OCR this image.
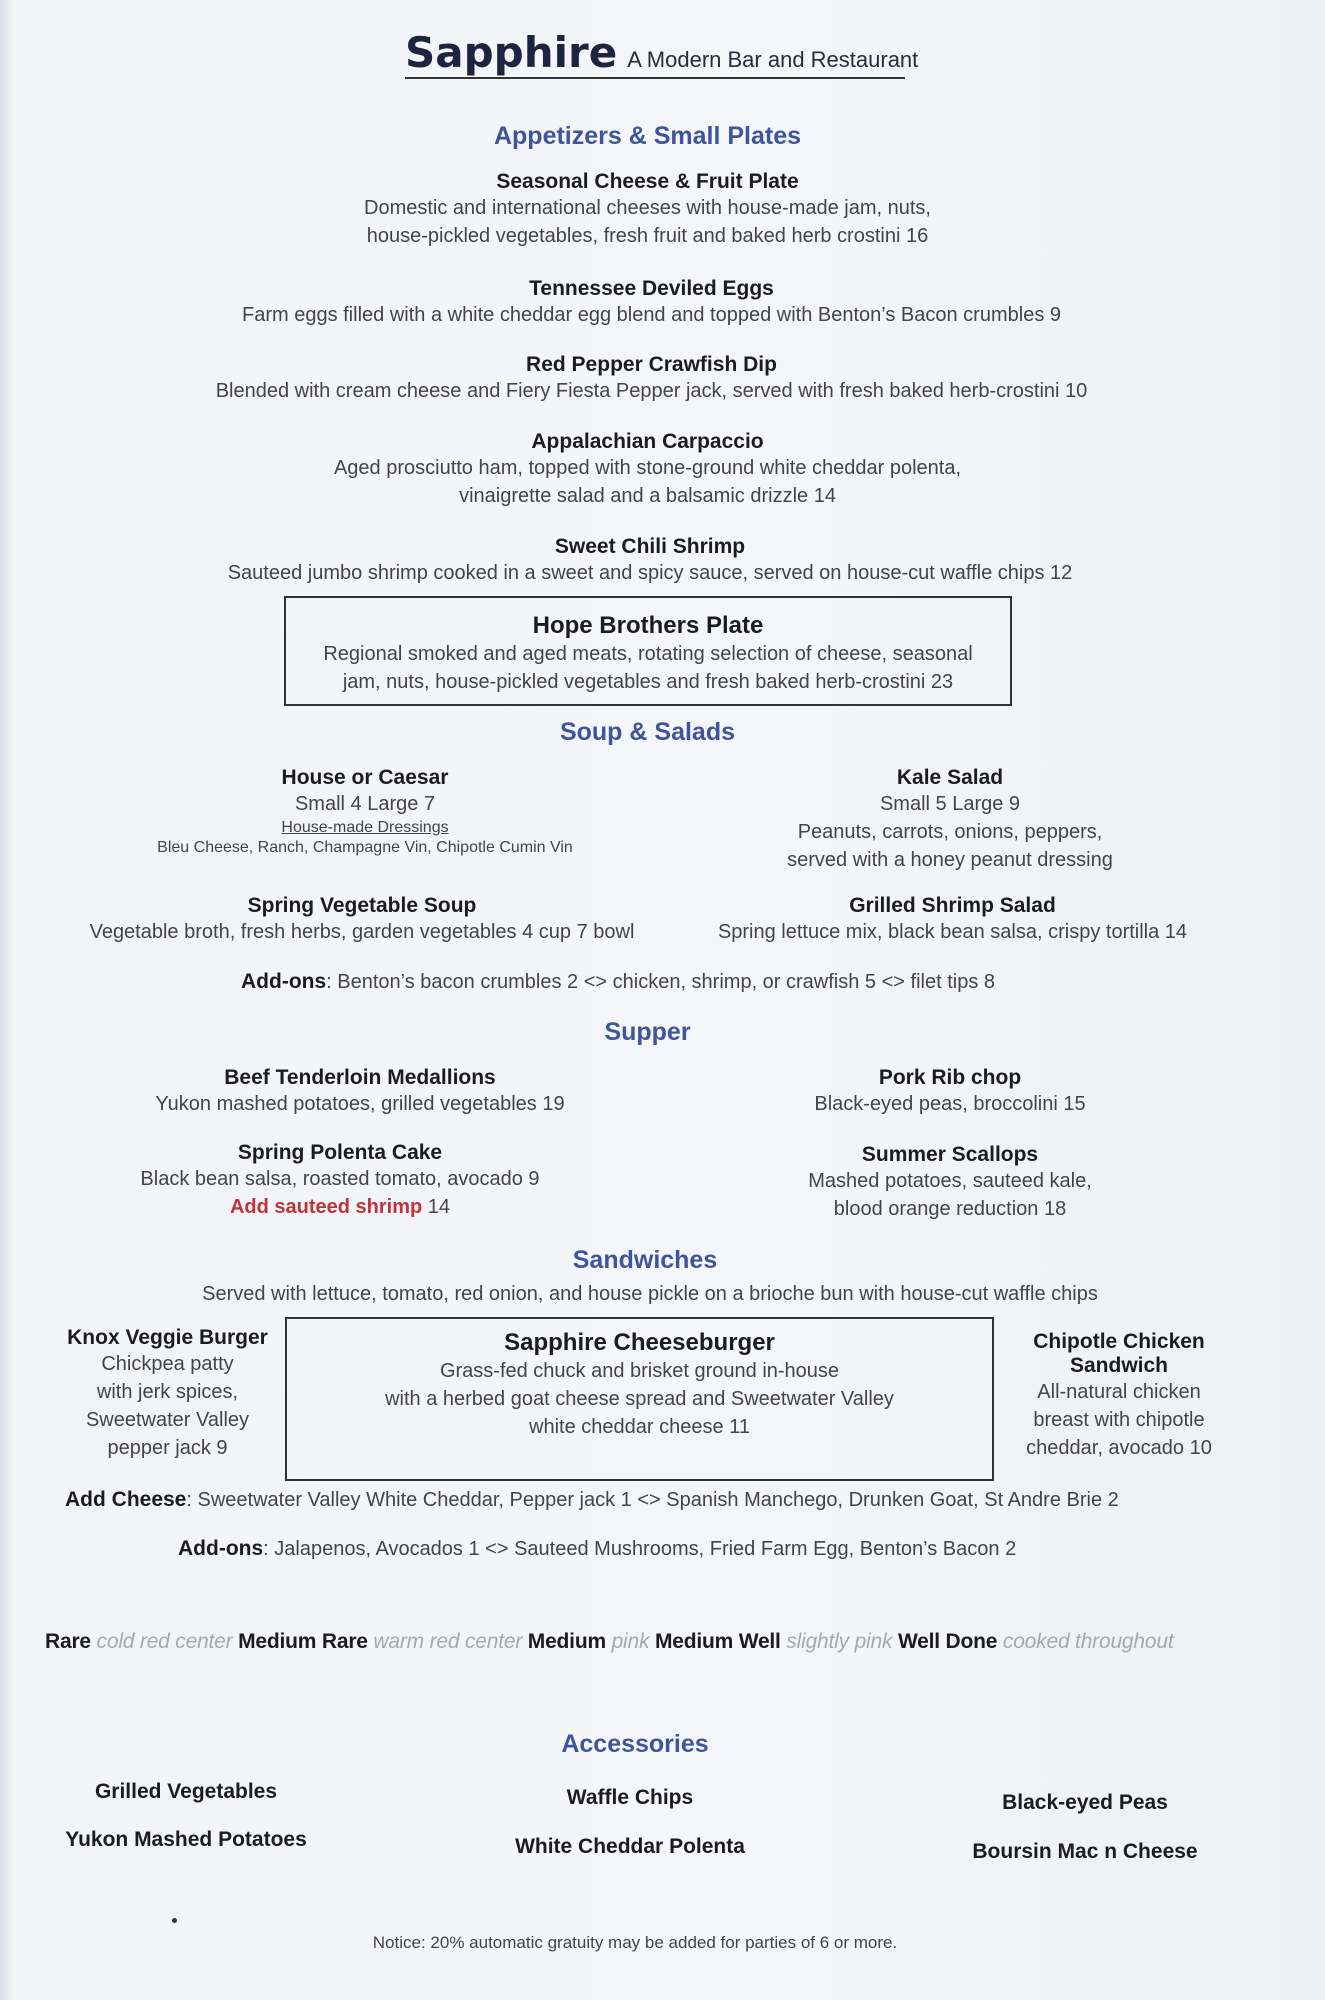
Sapphire A Modern Bar and Restaurant
Appetizers & Small Plates
Seasonal Cheese & Fruit Plate
Domestic and international cheeses with house-made jam, nuts,
house-pickled vegetables, fresh fruit and baked herb crostini 16
Tennessee Deviled Eggs
Farm eggs filled with a white cheddar egg blend and topped with Benton’s Bacon crumbles 9
Red Pepper Crawfish Dip
Blended with cream cheese and Fiery Fiesta Pepper jack, served with fresh baked herb-crostini 10
Appalachian Carpaccio
Aged prosciutto ham, topped with stone-ground white cheddar polenta,
vinaigrette salad and a balsamic drizzle 14
Sweet Chili Shrimp
Sauteed jumbo shrimp cooked in a sweet and spicy sauce, served on house-cut waffle chips 12
Hope Brothers Plate
Regional smoked and aged meats, rotating selection of cheese, seasonal
jam, nuts, house-pickled vegetables and fresh baked herb-crostini 23
Soup & Salads
House or Caesar
Small 4 Large 7
House-made Dressings
Bleu Cheese, Ranch, Champagne Vin, Chipotle Cumin Vin
Kale Salad
Small 5 Large 9
Peanuts, carrots, onions, peppers,
served with a honey peanut dressing
Spring Vegetable Soup
Vegetable broth, fresh herbs, garden vegetables 4 cup 7 bowl
Grilled Shrimp Salad
Spring lettuce mix, black bean salsa, crispy tortilla 14
Add-ons: Benton’s bacon crumbles 2 <> chicken, shrimp, or crawfish 5 <> filet tips 8
Supper
Beef Tenderloin Medallions
Yukon mashed potatoes, grilled vegetables 19
Pork Rib chop
Black-eyed peas, broccolini 15
Spring Polenta Cake
Black bean salsa, roasted tomato, avocado 9
Add sauteed shrimp 14
Summer Scallops
Mashed potatoes, sauteed kale,
blood orange reduction 18
Sandwiches
Served with lettuce, tomato, red onion, and house pickle on a brioche bun with house-cut waffle chips
Knox Veggie Burger
Chickpea patty
with jerk spices,
Sweetwater Valley
pepper jack 9
Sapphire Cheeseburger
Grass-fed chuck and brisket ground in-house
with a herbed goat cheese spread and Sweetwater Valley
white cheddar cheese 11
Chipotle Chicken
Sandwich
All-natural chicken
breast with chipotle
cheddar, avocado 10
Add Cheese: Sweetwater Valley White Cheddar, Pepper jack 1 <> Spanish Manchego, Drunken Goat, St Andre Brie 2
Add-ons: Jalapenos, Avocados 1 <> Sauteed Mushrooms, Fried Farm Egg, Benton’s Bacon 2
Rare cold red center Medium Rare warm red center Medium pink Medium Well slightly pink Well Done cooked throughout
Accessories
Grilled Vegetables
Yukon Mashed Potatoes
Waffle Chips
White Cheddar Polenta
Black-eyed Peas
Boursin Mac n Cheese
Notice: 20% automatic gratuity may be added for parties of 6 or more.
